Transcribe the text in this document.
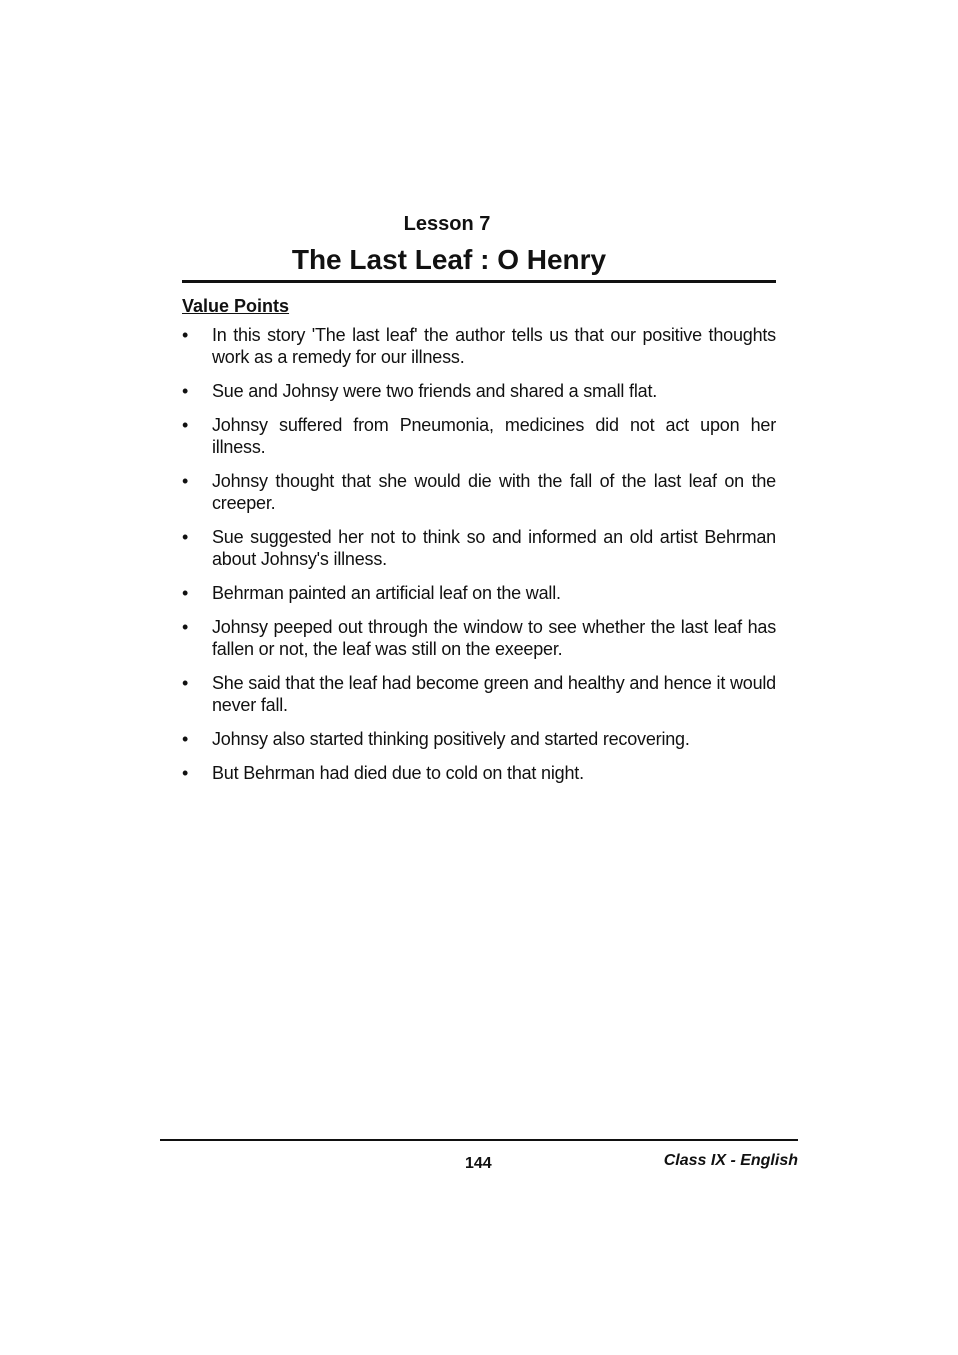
Lesson 7
The Last Leaf : O Henry
Value Points
• In this story 'The last leaf' the author tells us that our positive thoughts work as a remedy for our illness.
• Sue and Johnsy were two friends and shared a small flat.
• Johnsy suffered from Pneumonia, medicines did not act upon her illness.
• Johnsy thought that she would die with the fall of the last leaf on the creeper.
• Sue suggested her not to think so and informed an old artist Behrman about Johnsy's illness.
• Behrman painted an artificial leaf on the wall.
• Johnsy peeped out through the window to see whether the last leaf has fallen or not, the leaf was still on the exeeper.
• She said that the leaf had become green and healthy and hence it would never fall.
• Johnsy also started thinking positively and started recovering.
• But Behrman had died due to cold on that night.
144	Class IX - English
